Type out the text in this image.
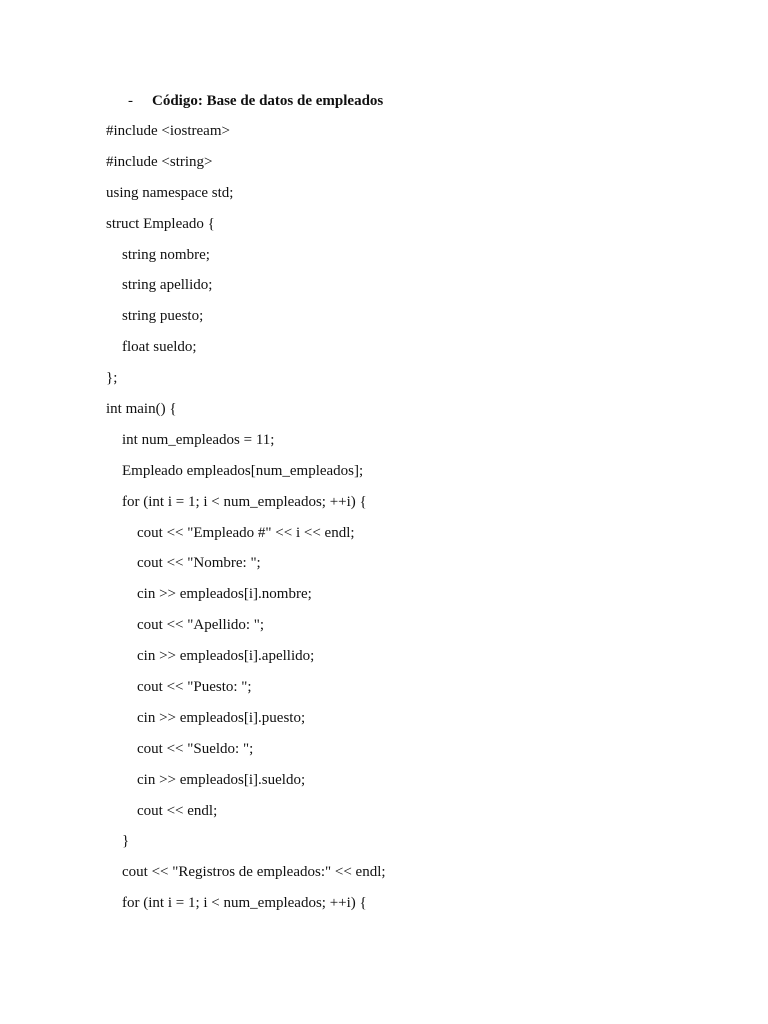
- Código: Base de datos de empleados
#include <iostream>
#include <string>
using namespace std;
struct Empleado {
string nombre;
string apellido;
string puesto;
float sueldo;
};
int main() {
int num_empleados = 11;
Empleado empleados[num_empleados];
for (int i = 1; i < num_empleados; ++i) {
cout << "Empleado #" << i << endl;
cout << "Nombre: ";
cin >> empleados[i].nombre;
cout << "Apellido: ";
cin >> empleados[i].apellido;
cout << "Puesto: ";
cin >> empleados[i].puesto;
cout << "Sueldo: ";
cin >> empleados[i].sueldo;
cout << endl;
}
cout << "Registros de empleados:" << endl;
for (int i = 1; i < num_empleados; ++i) {
